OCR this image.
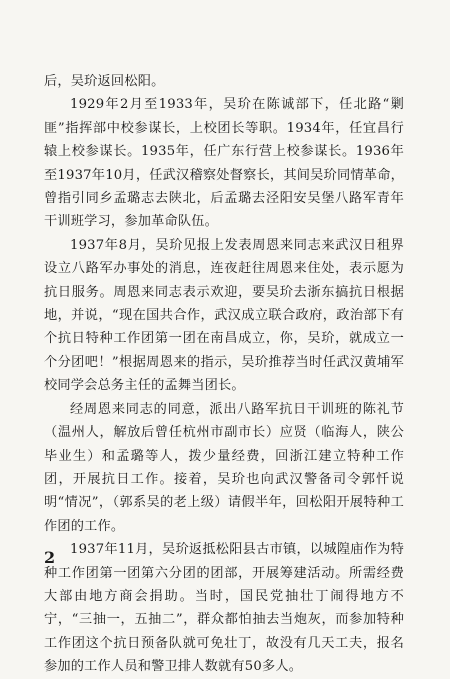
后，吴玠返回松阳。

1929年2月至1933年，吴玠在陈诚部下，任北路“剿匪”指挥部中校参谋长，上校团长等职。1934年，任宜昌行辕上校参谋长。1935年，任广东行营上校参谋长。1936年至1937年10月，任武汉稽察处督察长，其间吴玠同情革命，曾指引同乡孟璐志去陕北，后孟璐去泾阳安吴堡八路军青年干训班学习，参加革命队伍。

1937年8月，吴玠见报上发表周恩来同志来武汉日租界设立八路军办事处的消息，连夜赶往周恩来住处，表示愿为抗日服务。周恩来同志表示欢迎，要吴玠去浙东搞抗日根据地，并说，“现在国共合作，武汉成立联合政府，政治部下有个抗日特种工作团第一团在南昌成立，你，吴玠，就成立一个分团吧！”根据周恩来的指示，吴玠推荐当时任武汉黄埔军校同学会总务主任的孟舞当团长。

经周恩来同志的同意，派出八路军抗日干训班的陈礼节（温州人，解放后曾任杭州市副市长）应贤（临海人，陕公毕业生）和孟璐等人，拨少量经费，回浙江建立特种工作团，开展抗日工作。接着，吴玠也向武汉警备司令郭忏说明“情况”，（郭系吴的老上级）请假半年，回松阳开展特种工作团的工作。

1937年11月，吴玠返抵松阳县古市镇，以城隍庙作为特种工作团第一团第六分团的团部，开展筹建活动。所需经费大部由地方商会捐助。当时，国民党抽壮丁闹得地方不宁，“三抽一，五抽二”，群众都怕抽去当炮灰，而参加特种工作团这个抗日预备队就可免壮丁，故没有几天工夫，报名参加的工作人员和警卫排人数就有50多人。

2
